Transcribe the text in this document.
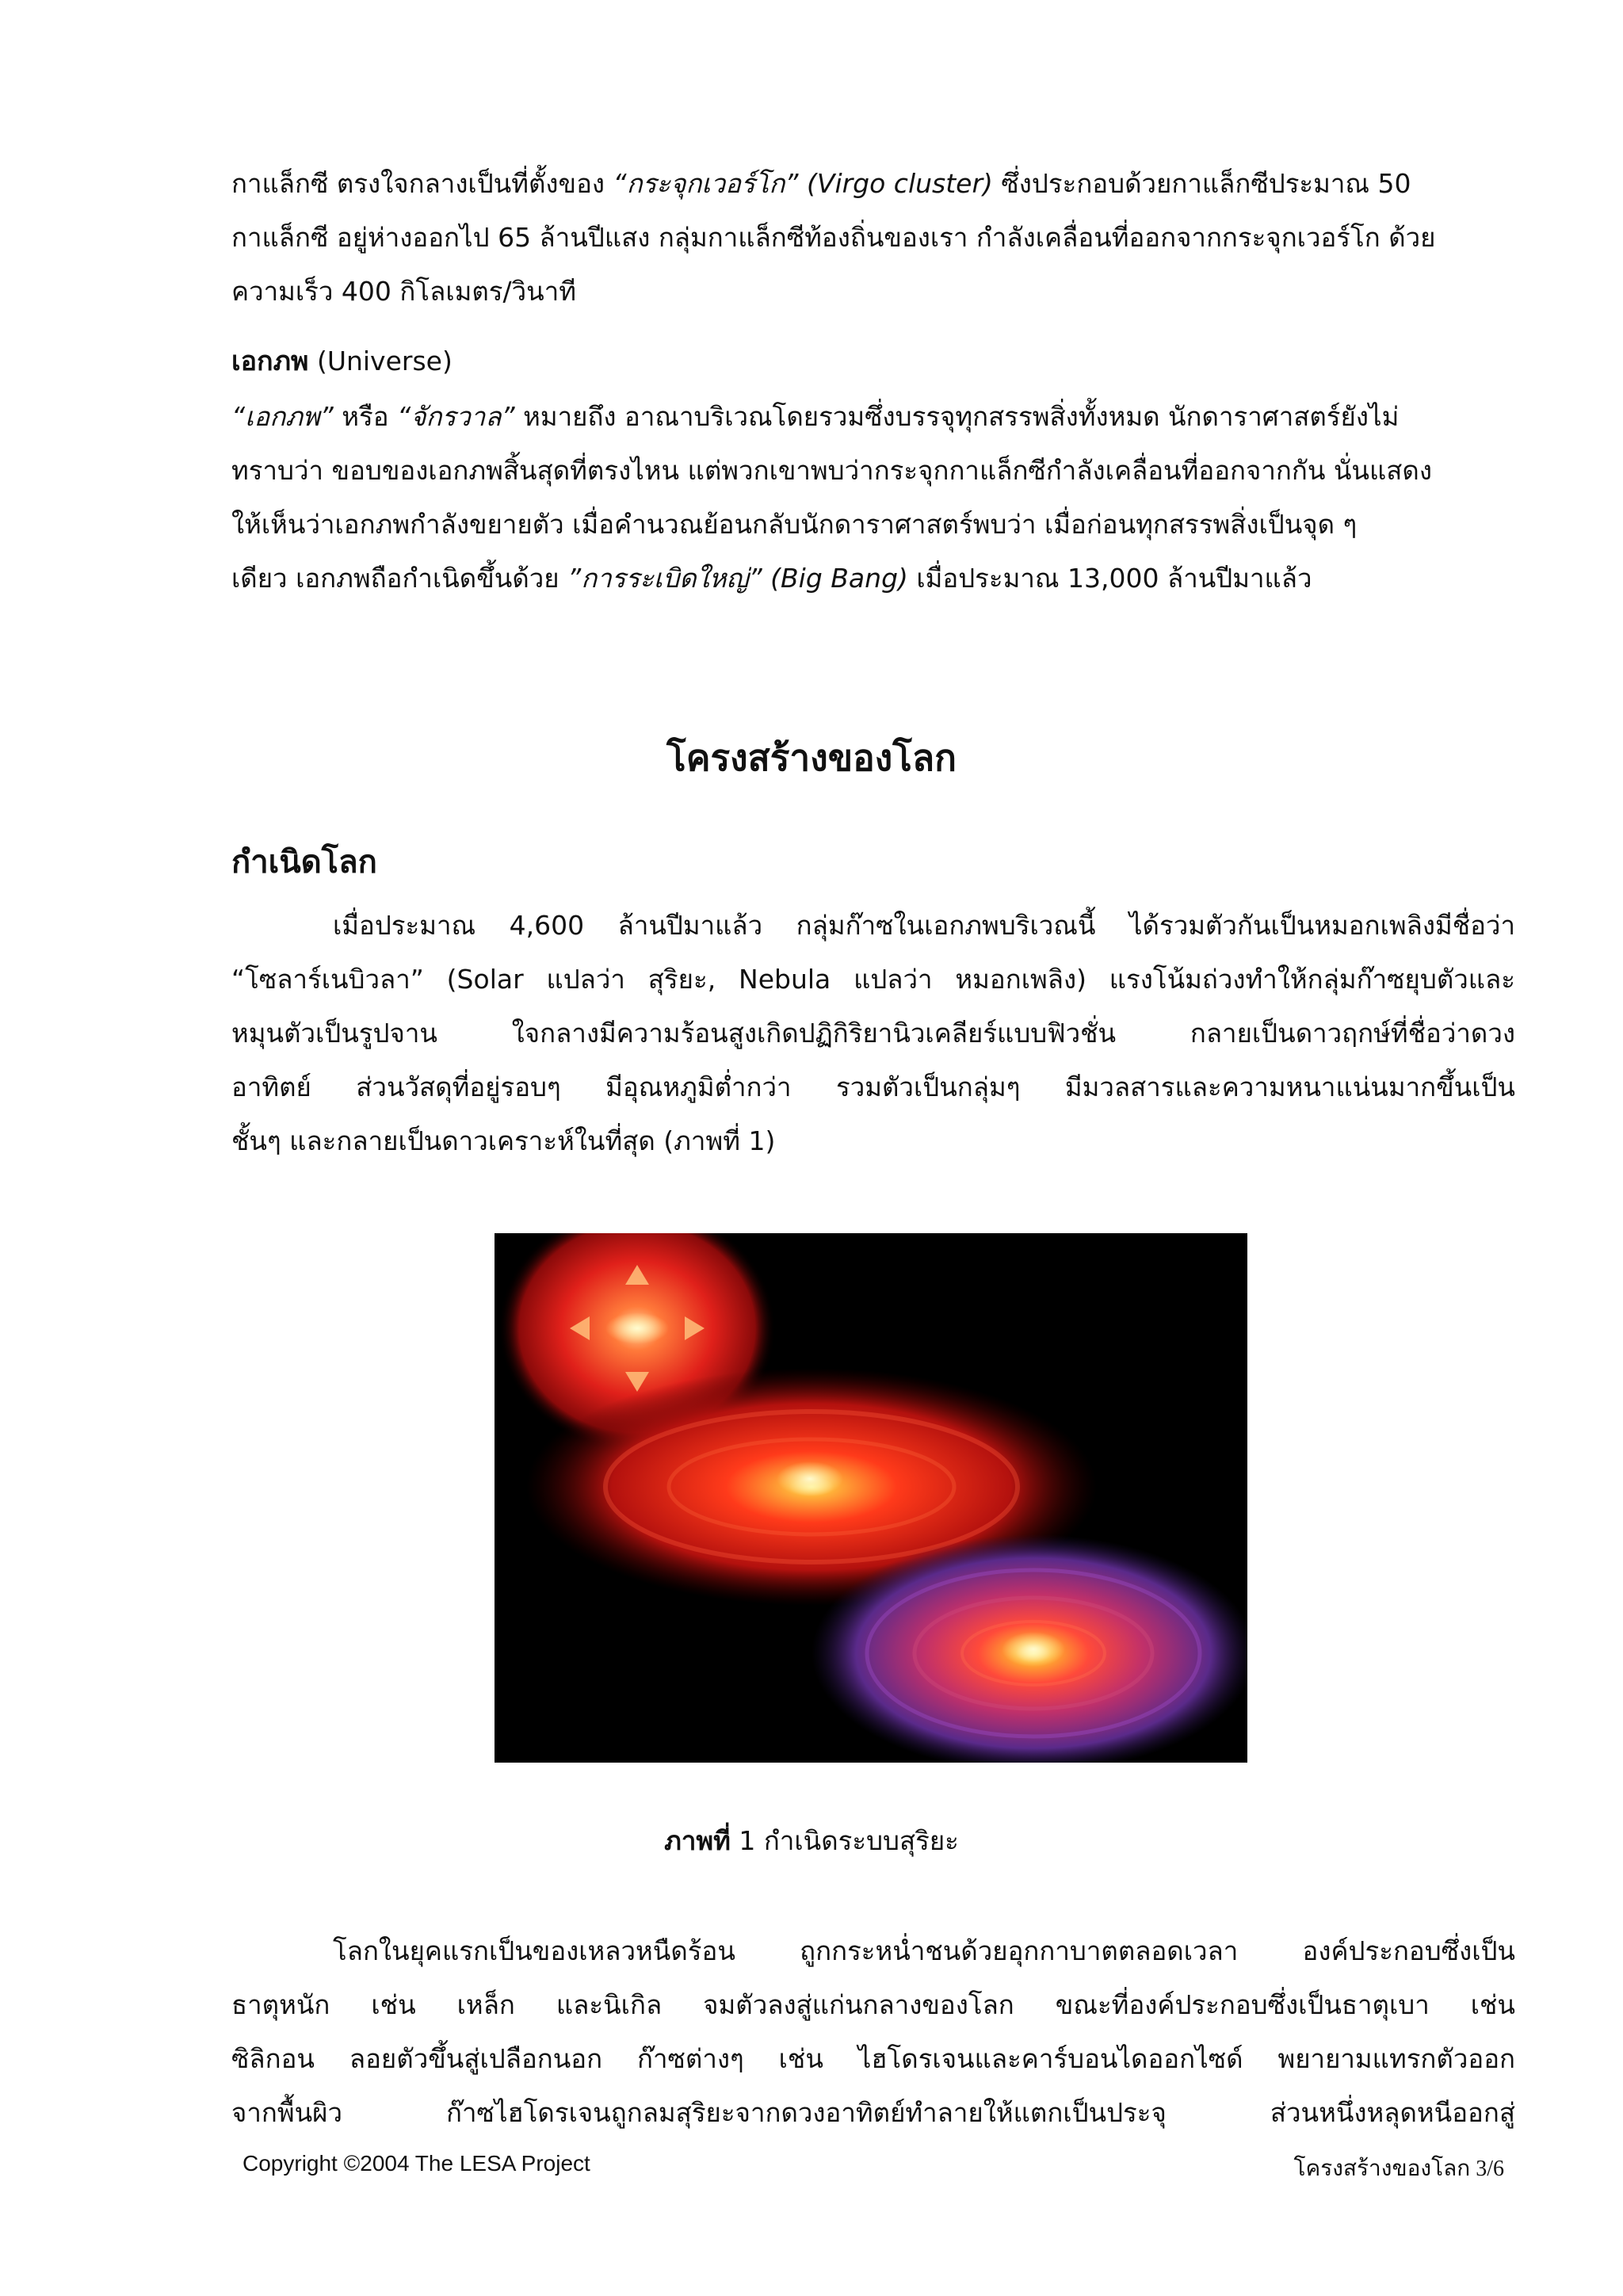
กาแล็กซี ตรงใจกลางเป็นที่ตั้งของ “กระจุกเวอร์โก” (Virgo cluster) ซึ่งประกอบด้วยกาแล็กซีประมาณ 50
กาแล็กซี อยู่ห่างออกไป 65 ล้านปีแสง กลุ่มกาแล็กซีท้องถิ่นของเรา กำลังเคลื่อนที่ออกจากกระจุกเวอร์โก ด้วย
ความเร็ว 400 กิโลเมตร/วินาที
เอกภพ (Universe)
“เอกภพ” หรือ “จักรวาล” หมายถึง อาณาบริเวณโดยรวมซึ่งบรรจุทุกสรรพสิ่งทั้งหมด นักดาราศาสตร์ยังไม่
ทราบว่า ขอบของเอกภพสิ้นสุดที่ตรงไหน แต่พวกเขาพบว่ากระจุกกาแล็กซีกำลังเคลื่อนที่ออกจากกัน นั่นแสดง
ให้เห็นว่าเอกภพกำลังขยายตัว เมื่อคำนวณย้อนกลับนักดาราศาสตร์พบว่า เมื่อก่อนทุกสรรพสิ่งเป็นจุด ๆ
เดียว เอกภพถือกำเนิดขึ้นด้วย ”การระเบิดใหญ่” (Big Bang) เมื่อประมาณ 13,000 ล้านปีมาแล้ว
โครงสร้างของโลก
กำเนิดโลก
เมื่อประมาณ 4,600 ล้านปีมาแล้ว กลุ่มก๊าซในเอกภพบริเวณนี้ ได้รวมตัวกันเป็นหมอกเพลิงมีชื่อว่า
“โซลาร์เนบิวลา” (Solar แปลว่า สุริยะ, Nebula แปลว่า หมอกเพลิง) แรงโน้มถ่วงทำให้กลุ่มก๊าซยุบตัวและ
หมุนตัวเป็นรูปจาน ใจกลางมีความร้อนสูงเกิดปฏิกิริยานิวเคลียร์แบบฟิวชั่น กลายเป็นดาวฤกษ์ที่ชื่อว่าดวง
อาทิตย์ ส่วนวัสดุที่อยู่รอบๆ มีอุณหภูมิต่ำกว่า รวมตัวเป็นกลุ่มๆ มีมวลสารและความหนาแน่นมากขึ้นเป็น
ชั้นๆ และกลายเป็นดาวเคราะห์ในที่สุด (ภาพที่ 1)
ภาพที่ 1 กำเนิดระบบสุริยะ
โลกในยุคแรกเป็นของเหลวหนืดร้อน ถูกกระหน่ำชนด้วยอุกกาบาตตลอดเวลา องค์ประกอบซึ่งเป็น
ธาตุหนัก เช่น เหล็ก และนิเกิล จมตัวลงสู่แก่นกลางของโลก ขณะที่องค์ประกอบซึ่งเป็นธาตุเบา เช่น
ซิลิกอน ลอยตัวขึ้นสู่เปลือกนอก ก๊าซต่างๆ เช่น ไฮโดรเจนและคาร์บอนไดออกไซด์ พยายามแทรกตัวออก
จากพื้นผิว ก๊าซไฮโดรเจนถูกลมสุริยะจากดวงอาทิตย์ทำลายให้แตกเป็นประจุ ส่วนหนึ่งหลุดหนีออกสู่
Copyright ©2004 The LESA Project	โครงสร้างของโลก 3/6
